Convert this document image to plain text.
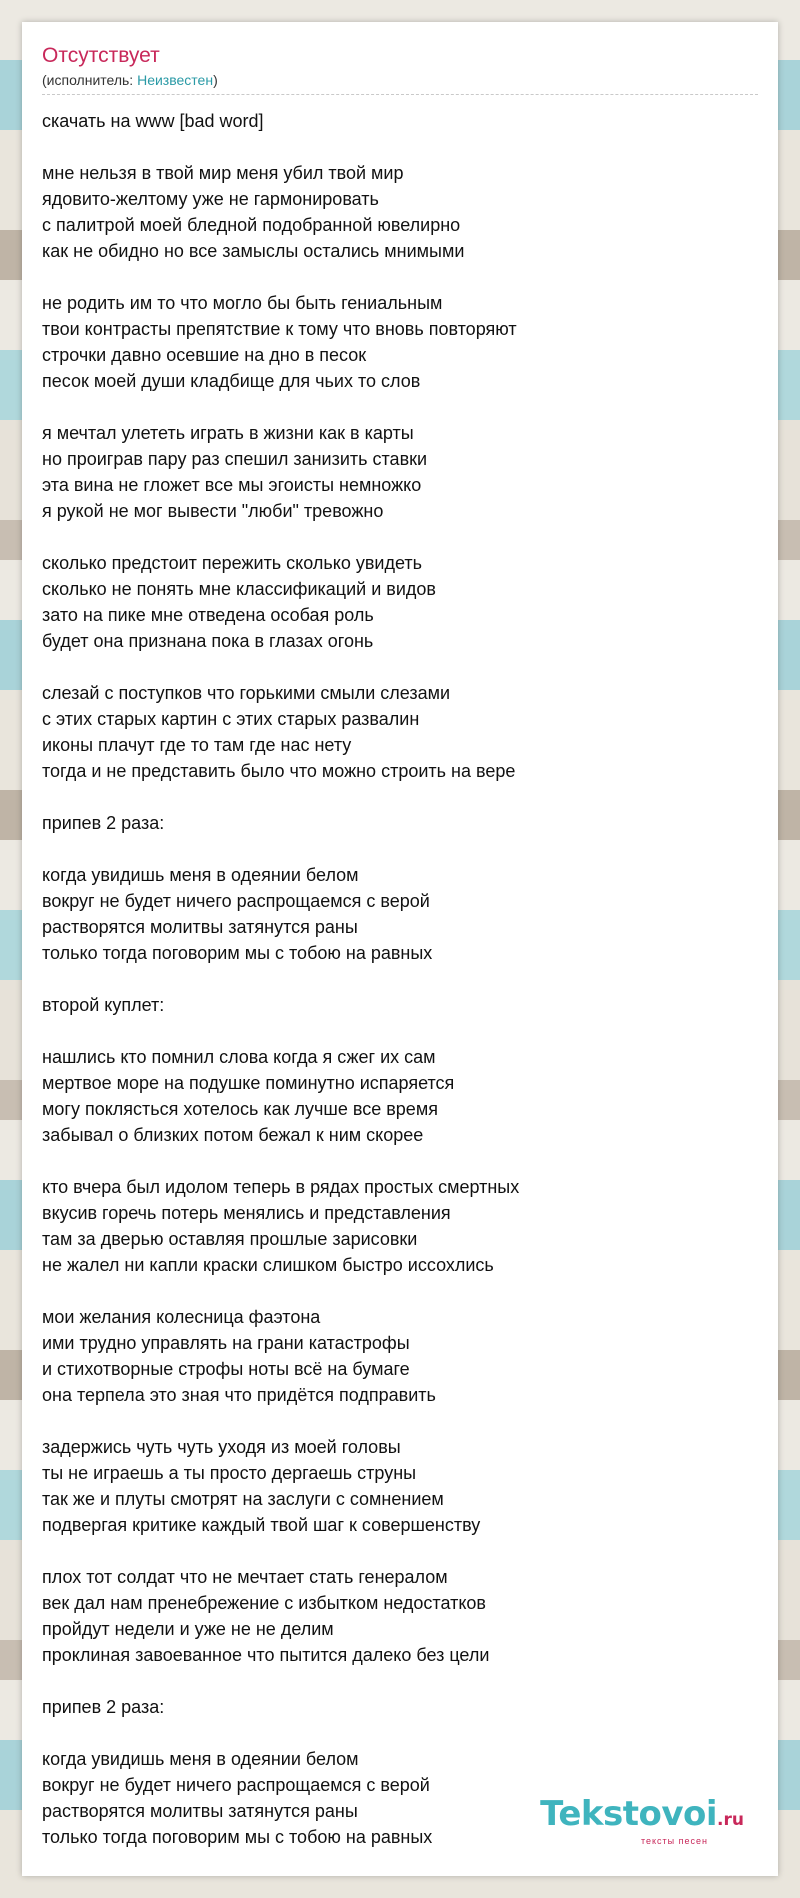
Отсутствует
(исполнитель: Неизвестен)
скачать на www [bad word]
мне нельзя в твой мир меня убил твой мир
ядовито-желтому уже не гармонировать
с палитрой моей бледной подобранной ювелирно
как не обидно но все замыслы остались мнимыми
не родить им то что могло бы быть гениальным
твои контрасты препятствие к тому что вновь повторяют
строчки давно осевшие на дно в песок
песок моей души кладбище для чьих то слов
я мечтал улететь играть в жизни как в карты
но проиграв пару раз спешил занизить ставки
эта вина не гложет все мы эгоисты немножко
я рукой не мог вывести "люби" тревожно
сколько предстоит пережить сколько увидеть
сколько не понять мне классификаций и видов
зато на пике мне отведена особая роль
будет она признана пока в глазах огонь
слезай с поступков что горькими смыли слезами
с этих старых картин с этих старых развалин
иконы плачут где то там где нас нету
тогда и не представить было что можно строить на вере
припев 2 раза:
когда увидишь меня в одеянии белом
вокруг не будет ничего распрощаемся с верой
растворятся молитвы затянутся раны
только тогда поговорим мы с тобою на равных
второй куплет:
нашлись кто помнил слова когда я сжег их сам
мертвое море на подушке поминутно испаряется
могу поклясться хотелось как лучше все время
забывал о близких потом бежал к ним скорее
кто вчера был идолом теперь в рядах простых смертных
вкусив горечь потерь менялись и представления
там за дверью оставляя прошлые зарисовки
не жалел ни капли краски слишком быстро иссохлись
мои желания колесница фаэтона
ими трудно управлять на грани катастрофы
и стихотворные строфы ноты всё на бумаге
она терпела это зная что придётся подправить
задержись чуть чуть уходя из моей головы
ты не играешь а ты просто дергаешь струны
так же и плуты смотрят на заслуги с сомнением
подвергая критике каждый твой шаг к совершенству
плох тот солдат что не мечтает стать генералом
век дал нам пренебрежение с избытком недостатков
пройдут недели и уже не не делим
проклиная завоеванное что пытится далеко без цели
припев 2 раза:
когда увидишь меня в одеянии белом
вокруг не будет ничего распрощаемся с верой
растворятся молитвы затянутся раны
только тогда поговорим мы с тобою на равных
Tekstovoi.ru
тексты песен
